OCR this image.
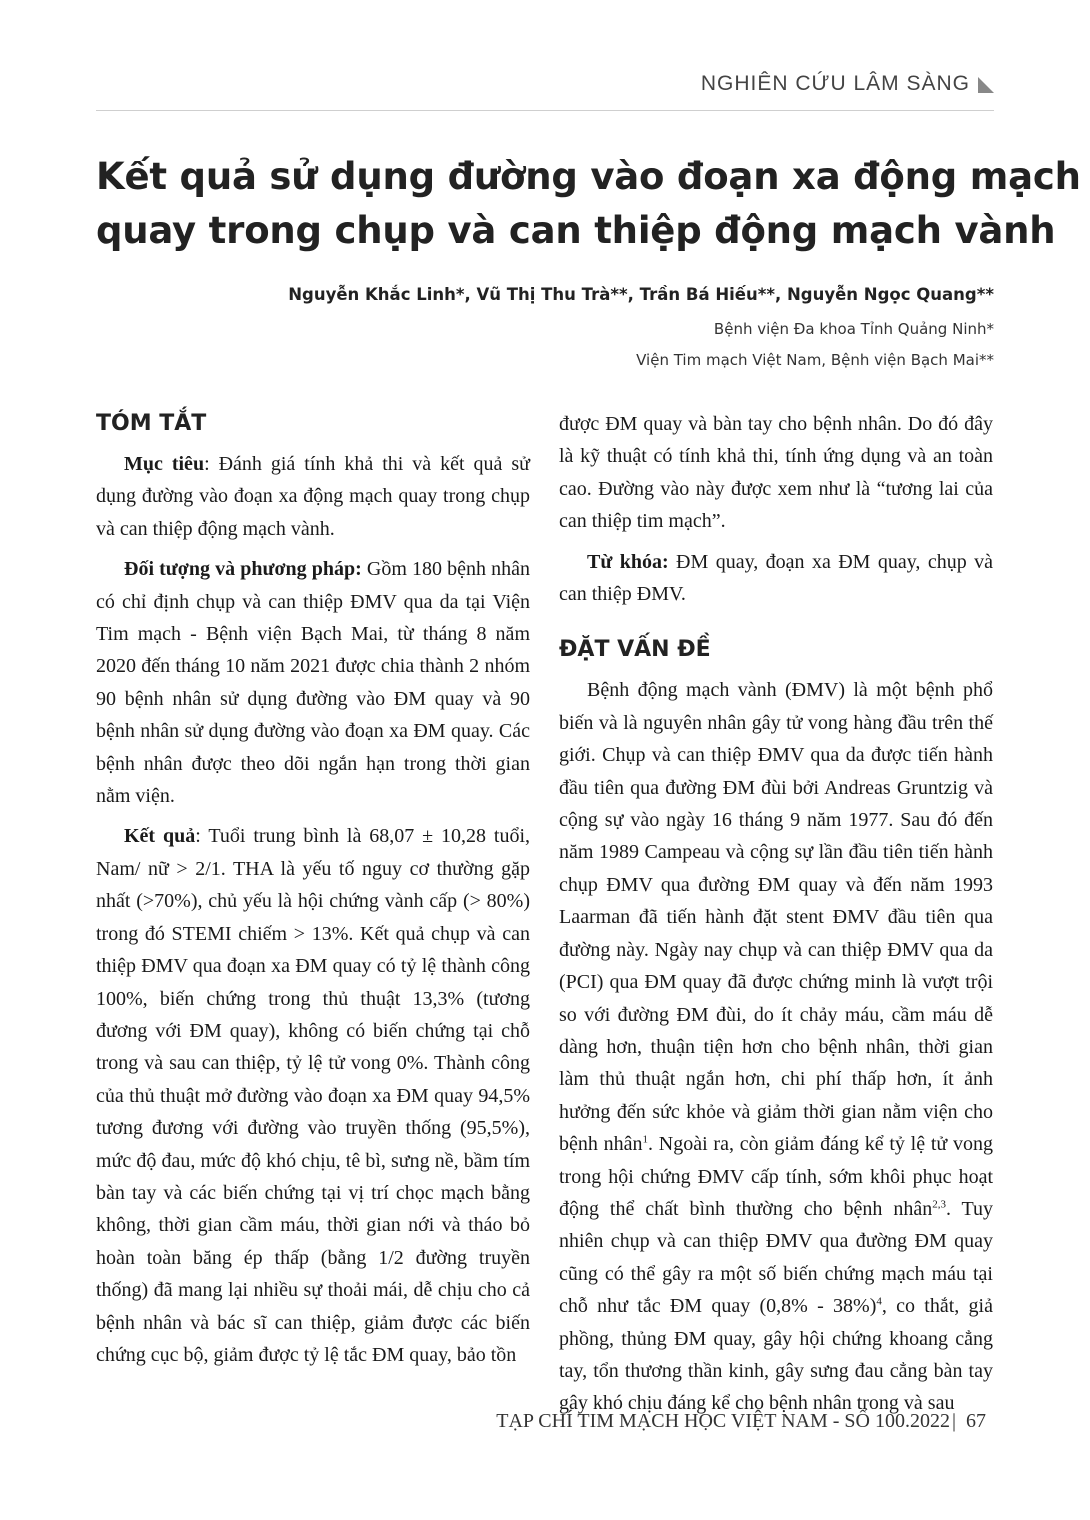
NGHIÊN CỨU LÂM SÀNG
Kết quả sử dụng đường vào đoạn xa động mạch
quay trong chụp và can thiệp động mạch vành
Nguyễn Khắc Linh*, Vũ Thị Thu Trà**, Trần Bá Hiếu**, Nguyễn Ngọc Quang**
Bệnh viện Đa khoa Tỉnh Quảng Ninh*
Viện Tim mạch Việt Nam, Bệnh viện Bạch Mai**
TÓM TẮT

Mục tiêu: Đánh giá tính khả thi và kết quả sử dụng đường vào đoạn xa động mạch quay trong chụp và can thiệp động mạch vành.

Đối tượng và phương pháp: Gồm 180 bệnh nhân có chỉ định chụp và can thiệp ĐMV qua da tại Viện Tim mạch - Bệnh viện Bạch Mai, từ tháng 8 năm 2020 đến tháng 10 năm 2021 được chia thành 2 nhóm 90 bệnh nhân sử dụng đường vào ĐM quay và 90 bệnh nhân sử dụng đường vào đoạn xa ĐM quay. Các bệnh nhân được theo dõi ngắn hạn trong thời gian nằm viện.

Kết quả: Tuổi trung bình là 68,07 ± 10,28 tuổi, Nam/ nữ > 2/1. THA là yếu tố nguy cơ thường gặp nhất (>70%), chủ yếu là hội chứng vành cấp (> 80%) trong đó STEMI chiếm > 13%. Kết quả chụp và can thiệp ĐMV qua đoạn xa ĐM quay có tỷ lệ thành công 100%, biến chứng trong thủ thuật 13,3% (tương đương với ĐM quay), không có biến chứng tại chỗ trong và sau can thiệp, tỷ lệ tử vong 0%. Thành công của thủ thuật mở đường vào đoạn xa ĐM quay 94,5% tương đương với đường vào truyền thống (95,5%), mức độ đau, mức độ khó chịu, tê bì, sưng nề, bầm tím bàn tay và các biến chứng tại vị trí chọc mạch bằng không, thời gian cầm máu, thời gian nới và tháo bỏ hoàn toàn băng ép thấp (bằng 1/2 đường truyền thống) đã mang lại nhiều sự thoải mái, dễ chịu cho cả bệnh nhân và bác sĩ can thiệp, giảm được các biến chứng cục bộ, giảm được tỷ lệ tắc ĐM quay, bảo tồn

được ĐM quay và bàn tay cho bệnh nhân. Do đó đây là kỹ thuật có tính khả thi, tính ứng dụng và an toàn cao. Đường vào này được xem như là “tương lai của can thiệp tim mạch”.

Từ khóa: ĐM quay, đoạn xa ĐM quay, chụp và can thiệp ĐMV.

ĐẶT VẤN ĐỀ

Bệnh động mạch vành (ĐMV) là một bệnh phổ biến và là nguyên nhân gây tử vong hàng đầu trên thế giới. Chụp và can thiệp ĐMV qua da được tiến hành đầu tiên qua đường ĐM đùi bởi Andreas Gruntzig và cộng sự vào ngày 16 tháng 9 năm 1977. Sau đó đến năm 1989 Campeau và cộng sự lần đầu tiên tiến hành chụp ĐMV qua đường ĐM quay và đến năm 1993 Laarman đã tiến hành đặt stent ĐMV đầu tiên qua đường này. Ngày nay chụp và can thiệp ĐMV qua da (PCI) qua ĐM quay đã được chứng minh là vượt trội so với đường ĐM đùi, do ít chảy máu, cầm máu dễ dàng hơn, thuận tiện hơn cho bệnh nhân, thời gian làm thủ thuật ngắn hơn, chi phí thấp hơn, ít ảnh hưởng đến sức khỏe và giảm thời gian nằm viện cho bệnh nhân$^1$. Ngoài ra, còn giảm đáng kể tỷ lệ tử vong trong hội chứng ĐMV cấp tính, sớm khôi phục hoạt động thể chất bình thường cho bệnh nhân$^{2,3}$. Tuy nhiên chụp và can thiệp ĐMV qua đường ĐM quay cũng có thể gây ra một số biến chứng mạch máu tại chỗ như tắc ĐM quay (0,8% - 38%)$^4$, co thắt, giả phồng, thủng ĐM quay, gây hội chứng khoang cẳng tay, tổn thương thần kinh, gây sưng đau cẳng bàn tay gây khó chịu đáng kể cho bệnh nhân trong và sau

TẠP CHÍ TIM MẠCH HỌC VIỆT NAM - SỐ 100.2022 | 67
